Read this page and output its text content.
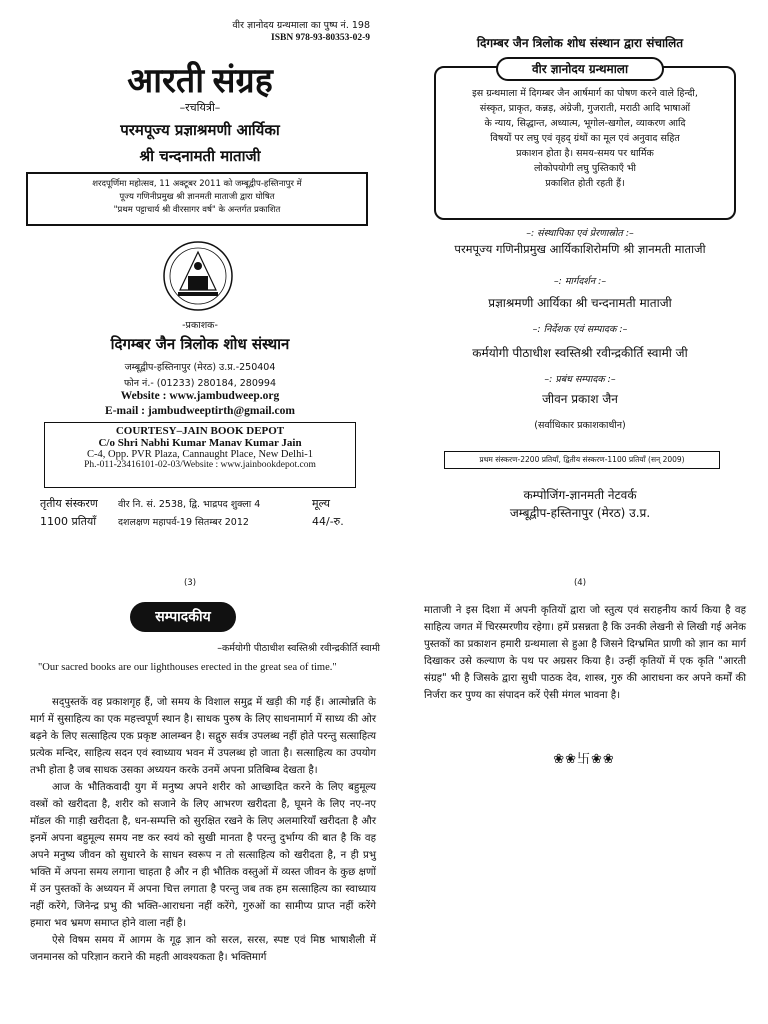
वीर ज्ञानोदय ग्रन्थमाला का पुष्प नं. 198
ISBN 978-93-80353-02-9
आरती संग्रह
–रचयित्री–
परमपूज्य प्रज्ञाश्रमणी आर्यिका
श्री चन्दनामती माताजी
शरदपूर्णिमा महोत्सव, 11 अक्टूबर 2011 को जम्बूद्वीप-हस्तिनापुर में
पूज्य गणिनीप्रमुख श्री ज्ञानमती माताजी द्वारा घोषित
"प्रथम पट्टाचार्य श्री वीरसागर वर्ष" के अन्तर्गत प्रकाशित
-प्रकाशक-
दिगम्बर जैन त्रिलोक शोध संस्थान
जम्बूद्वीप-हस्तिनापुर (मेरठ) उ.प्र.-250404
फोन नं.- (01233) 280184, 280994
Website : www.jambudweep.org
E-mail : jambudweeptirth@gmail.com
COURTESY–JAIN BOOK DEPOT
C/o Shri Nabhi Kumar Manav Kumar Jain
C-4, Opp. PVR Plaza, Cannaught Place, New Delhi-1
Ph.-011-23416101-02-03/Website : www.jainbookdepot.com
तृतीय संस्करण वीर नि. सं. 2538, द्वि. भाद्रपद शुक्ला 4	मूल्य
1100 प्रतियाँ दशलक्षण महापर्व-19 सितम्बर 2012	44/-रु.
दिगम्बर जैन त्रिलोक शोध संस्थान द्वारा संचालित
इस ग्रन्थमाला में दिगम्बर जैन आर्षमार्ग का पोषण करने वाले हिन्दी,
संस्कृत, प्राकृत, कन्नड़, अंग्रेजी, गुजराती, मराठी आदि भाषाओं
के न्याय, सिद्धान्त, अध्यात्म, भूगोल-खगोल, व्याकरण आदि
विषयों पर लघु एवं वृहद् ग्रंथों का मूल एवं अनुवाद सहित
प्रकाशन होता है। समय-समय पर धार्मिक
लोकोपयोगी लघु पुस्तिकाएँ भी
प्रकाशित होती रहती हैं।
वीर ज्ञानोदय ग्रन्थमाला
–: संस्थापिका एवं प्रेरणास्रोत :–
परमपूज्य गणिनीप्रमुख आर्यिकाशिरोमणि श्री ज्ञानमती माताजी
–: मार्गदर्शन :–
प्रज्ञाश्रमणी आर्यिका श्री चन्दनामती माताजी
–: निर्देशक एवं सम्पादक :–
कर्मयोगी पीठाधीश स्वस्तिश्री रवीन्द्रकीर्ति स्वामी जी
–: प्रबंध सम्पादक :–
जीवन प्रकाश जैन
(सर्वाधिकार प्रकाशकाधीन)
प्रथम संस्करण-2200 प्रतियाँ, द्वितीय संस्करण-1100 प्रतियाँ (सन् 2009)
कम्पोजिंग-ज्ञानमती नेटवर्क
जम्बूद्वीप-हस्तिनापुर (मेरठ) उ.प्र.
(3)
सम्पादकीय
–कर्मयोगी पीठाधीश स्वस्तिश्री रवीन्द्रकीर्ति स्वामी
"Our sacred books are our lighthouses erected in the great sea of time."

सद्पुस्तकें वह प्रकाशगृह हैं, जो समय के विशाल समुद्र में खड़ी की गई हैं। आत्मोन्नति के मार्ग में सुसाहित्य का एक महत्त्वपूर्ण स्थान है। साधक पुरुष के लिए साधनामार्ग में साध्य की ओर बढ़ने के लिए सत्साहित्य एक प्रकृष्ट आलम्बन है। सद्गुरु सर्वत्र उपलब्ध नहीं होते परन्तु सत्साहित्य प्रत्येक मन्दिर, साहित्य सदन एवं स्वाध्याय भवन में उपलब्ध हो जाता है। सत्साहित्य का उपयोग तभी होता है जब साधक उसका अध्ययन करके उनमें अपना प्रतिबिम्ब देखता है।

आज के भौतिकवादी युग में मनुष्य अपने शरीर को आच्छादित करने के लिए बहुमूल्य वस्त्रों को खरीदता है, शरीर को सजाने के लिए आभरण खरीदता है, घूमने के लिए नए-नए मॉडल की गाड़ी खरीदता है, धन-सम्पत्ति को सुरक्षित रखने के लिए अलमारियाँ खरीदता है और इनमें अपना बहुमूल्य समय नष्ट कर स्वयं को सुखी मानता है परन्तु दुर्भाग्य की बात है कि वह अपने मनुष्य जीवन को सुधारने के साधन स्वरूप न तो सत्साहित्य को खरीदता है, न ही प्रभु भक्ति में अपना समय लगाना चाहता है और न ही भौतिक वस्तुओं में व्यस्त जीवन के कुछ क्षणों में उन पुस्तकों के अध्ययन में अपना चित्त लगाता है परन्तु जब तक हम सत्साहित्य का स्वाध्याय नहीं करेंगे, जिनेन्द्र प्रभु की भक्ति-आराधना नहीं करेंगे, गुरुओं का सामीप्य प्राप्त नहीं करेंगे हमारा भव भ्रमण समाप्त होने वाला नहीं है।

ऐसे विषम समय में आगम के गूढ़ ज्ञान को सरल, सरस, स्पष्ट एवं मिष्ठ भाषाशैली में जनमानस को परिज्ञान कराने की महती आवश्यकता है। भक्तिमार्ग

(4)

माताजी ने इस दिशा में अपनी कृतियों द्वारा जो स्तुत्य एवं सराहनीय कार्य किया है वह साहित्य जगत में चिरस्मरणीय रहेगा। हमें प्रसन्नता है कि उनकी लेखनी से लिखी गई अनेक पुस्तकों का प्रकाशन हमारी ग्रन्थमाला से हुआ है जिसने दिग्भ्रमित प्राणी को ज्ञान का मार्ग दिखाकर उसे कल्याण के पथ पर अग्रसर किया है। उन्हीं कृतियों में एक कृति "आरती संग्रह" भी है जिसके द्वारा सुधी पाठक देव, शास्त्र, गुरु की आराधना कर अपने कर्मों की निर्जरा कर पुण्य का संपादन करें ऐसी मंगल भावना है।

❀❀卐❀❀
